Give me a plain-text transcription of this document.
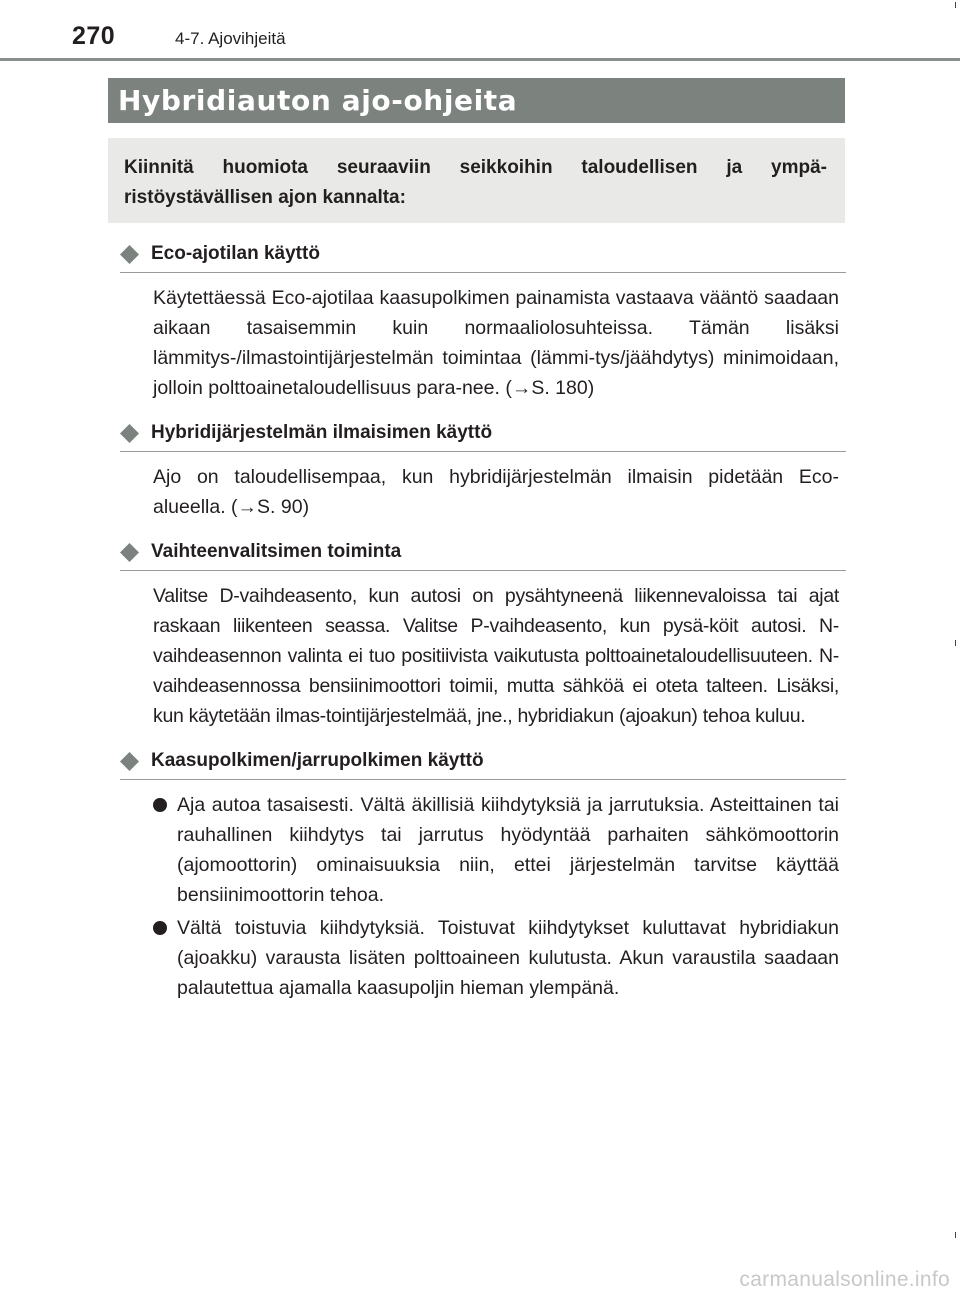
270	4-7. Ajovihjeitä
Hybridiauton ajo-ohjeita
Kiinnitä huomiota seuraaviin seikkoihin taloudellisen ja ympä-ristöystävällisen ajon kannalta:
Eco-ajotilan käyttö
Käytettäessä Eco-ajotilaa kaasupolkimen painamista vastaava vääntö saadaan aikaan tasaisemmin kuin normaaliolosuhteissa. Tämän lisäksi lämmitys-/ilmastointijärjestelmän toimintaa (lämmi-tys/jäähdytys) minimoidaan, jolloin polttoainetaloudellisuus para-nee. (→S. 180)
Hybridijärjestelmän ilmaisimen käyttö
Ajo on taloudellisempaa, kun hybridijärjestelmän ilmaisin pidetään Eco-alueella. (→S. 90)
Vaihteenvalitsimen toiminta
Valitse D-vaihdeasento, kun autosi on pysähtyneenä liikennevaloissa tai ajat raskaan liikenteen seassa. Valitse P-vaihdeasento, kun pysä-köit autosi. N-vaihdeasennon valinta ei tuo positiivista vaikutusta polttoainetaloudellisuuteen. N-vaihdeasennossa bensiinimoottori toimii, mutta sähköä ei oteta talteen. Lisäksi, kun käytetään ilmas-tointijärjestelmää, jne., hybridiakun (ajoakun) tehoa kuluu.
Kaasupolkimen/jarrupolkimen käyttö
Aja autoa tasaisesti. Vältä äkillisiä kiihdytyksiä ja jarrutuksia. Asteittainen tai rauhallinen kiihdytys tai jarrutus hyödyntää parhaiten sähkömoottorin (ajomoottorin) ominaisuuksia niin, ettei järjestelmän tarvitse käyttää bensiinimoottorin tehoa.
Vältä toistuvia kiihdytyksiä. Toistuvat kiihdytykset kuluttavat hybridiakun (ajoakku) varausta lisäten polttoaineen kulutusta. Akun varaustila saadaan palautettua ajamalla kaasupoljin hieman ylempänä.
carmanualsonline.info
